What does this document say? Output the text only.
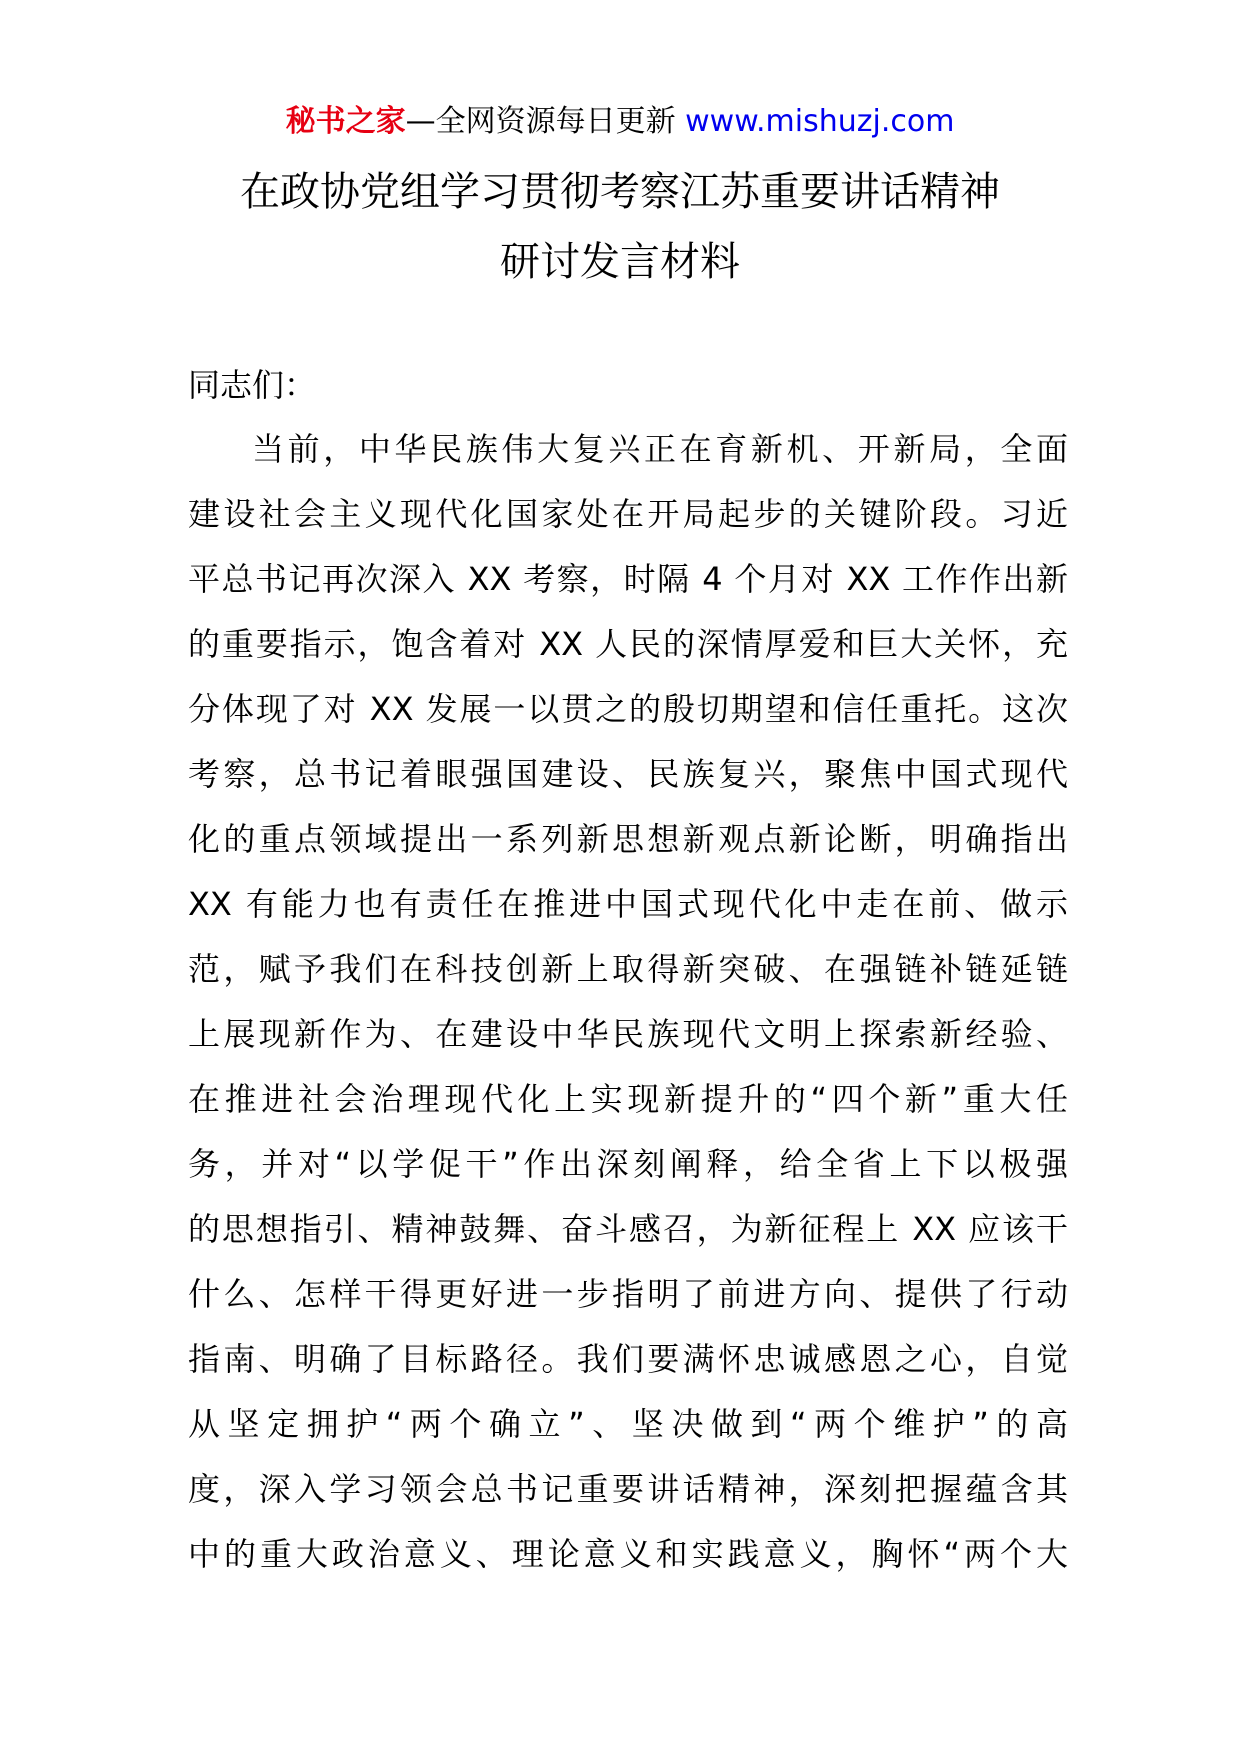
秘书之家—全网资源每日更新 www.mishuzj.com
在政协党组学习贯彻考察江苏重要讲话精神
研讨发言材料
同志们：
当前，中华民族伟大复兴正在育新机、开新局，全面
建设社会主义现代化国家处在开局起步的关键阶段。习近
平总书记再次深入 XX 考察，时隔 4 个月对 XX 工作作出新
的重要指示，饱含着对 XX 人民的深情厚爱和巨大关怀，充
分体现了对 XX 发展一以贯之的殷切期望和信任重托。这次
考察，总书记着眼强国建设、民族复兴，聚焦中国式现代
化的重点领域提出一系列新思想新观点新论断，明确指出
XX 有能力也有责任在推进中国式现代化中走在前、做示
范，赋予我们在科技创新上取得新突破、在强链补链延链
上展现新作为、在建设中华民族现代文明上探索新经验、
在推进社会治理现代化上实现新提升的“四个新”重大任
务，并对“以学促干”作出深刻阐释，给全省上下以极强
的思想指引、精神鼓舞、奋斗感召，为新征程上 XX 应该干
什么、怎样干得更好进一步指明了前进方向、提供了行动
指南、明确了目标路径。我们要满怀忠诚感恩之心，自觉
从坚定拥护“两个确立”、坚决做到“两个维护”的高
度，深入学习领会总书记重要讲话精神，深刻把握蕴含其
中的重大政治意义、理论意义和实践意义，胸怀“两个大
